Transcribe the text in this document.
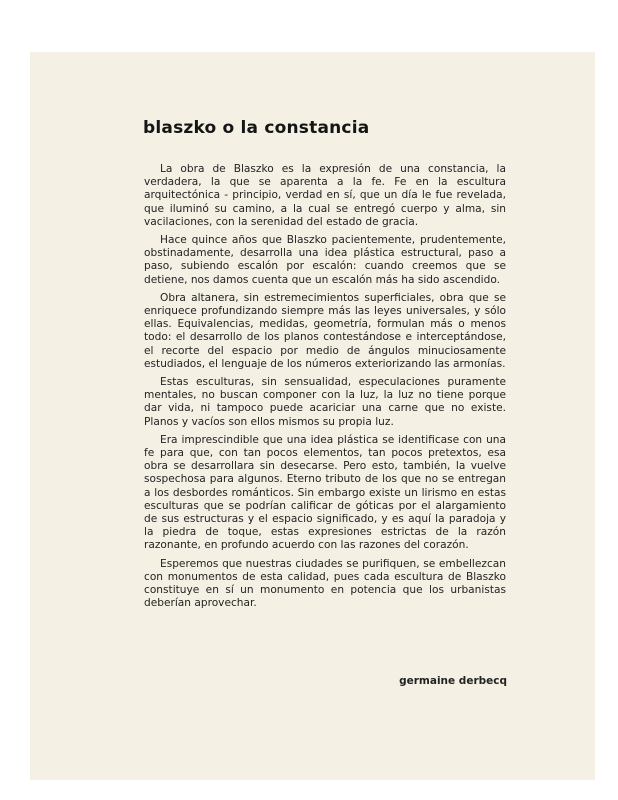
blaszko o la constancia

La obra de Blaszko es la expresión de una constancia, la verdadera, la que se aparenta a la fe. Fe en la escultura arquitectónica - principio, verdad en sí, que un día le fue revelada, que iluminó su camino, a la cual se entregó cuerpo y alma, sin vacilaciones, con la serenidad del estado de gracia.

Hace quince años que Blaszko pacientemente, prudentemente, obstinadamente, desarrolla una idea plástica estructural, paso a paso, subiendo escalón por escalón: cuando creemos que se detiene, nos damos cuenta que un escalón más ha sido ascendido.

Obra altanera, sin estremecimientos superficiales, obra que se enriquece profundizando siempre más las leyes universales, y sólo ellas. Equivalencias, medidas, geometría, formulan más o menos todo: el desarrollo de los planos contestándose e interceptándose, el recorte del espacio por medio de ángulos minuciosamente estudiados, el lenguaje de los números exteriorizando las armonías.

Estas esculturas, sin sensualidad, especulaciones puramente mentales, no buscan componer con la luz, la luz no tiene porque dar vida, ni tampoco puede acariciar una carne que no existe. Planos y vacíos son ellos mismos su propia luz.

Era imprescindible que una idea plástica se identificase con una fe para que, con tan pocos elementos, tan pocos pretextos, esa obra se desarrollara sin desecarse. Pero esto, también, la vuelve sospechosa para algunos. Eterno tributo de los que no se entregan a los desbordes románticos. Sin embargo existe un lirismo en estas esculturas que se podrían calificar de góticas por el alargamiento de sus estructuras y el espacio significado, y es aquí la paradoja y la piedra de toque, estas expresiones estrictas de la razón razonante, en profundo acuerdo con las razones del corazón.

Esperemos que nuestras ciudades se purifiquen, se embellezcan con monumentos de esta calidad, pues cada escultura de Blaszko constituye en sí un monumento en potencia que los urbanistas deberían aprovechar.

germaine derbecq
